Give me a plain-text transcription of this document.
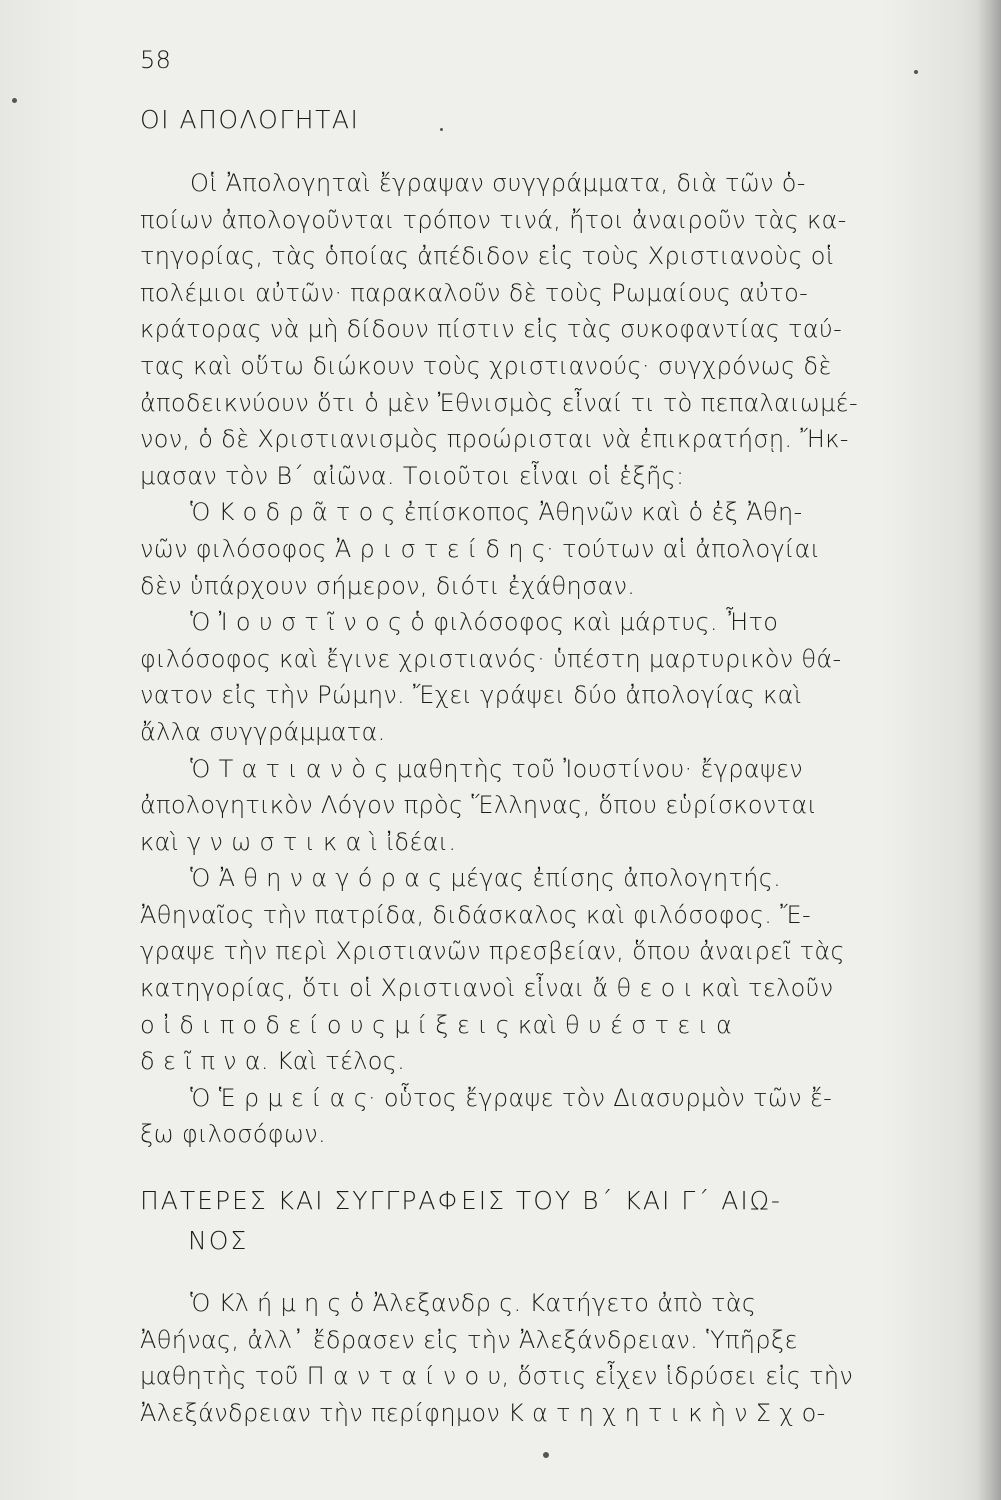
58
ΟΙ ΑΠΟΛΟΓΗΤΑΙ
Οἱ Ἀπολογηταὶ ἔγραψαν συγγράμματα, διὰ τῶν ὁ-
ποίων ἀπολογοῦνται τρόπον τινά, ἤτοι ἀναιροῦν τὰς κα-
τηγορίας, τὰς ὁποίας ἀπέδιδον εἰς τοὺς Χριστιανοὺς οἱ
πολέμιοι αὐτῶν· παρακαλοῦν δὲ τοὺς Ρωμαίους αὐτο-
κράτορας νὰ μὴ δίδουν πίστιν εἰς τὰς συκοφαντίας ταύ-
τας καὶ οὕτω διώκουν τοὺς χριστιανούς· συγχρόνως δὲ
ἀποδεικνύουν ὅτι ὁ μὲν Ἐθνισμὸς εἶναί τι τὸ πεπαλαιωμέ-
νον, ὁ δὲ Χριστιανισμὸς προώρισται νὰ ἐπικρατήσῃ. Ἤκ-
μασαν τὸν Β΄ αἰῶνα. Τοιοῦτοι εἶναι οἱ ἑξῆς:
Ὁ Κ ο δ ρ ᾶ τ ο ς ἐπίσκοπος Ἀθηνῶν καὶ ὁ ἐξ Ἀθη-
νῶν φιλόσοφος Ἀ ρ ι σ τ ε ί δ η ς· τούτων αἱ ἀπολογίαι
δὲν ὑπάρχουν σήμερον, διότι ἐχάθησαν.
Ὁ Ἰ ο υ σ τ ῖ ν ο ς ὁ φιλόσοφος καὶ μάρτυς. Ἦτο
φιλόσοφος καὶ ἔγινε χριστιανός· ὑπέστη μαρτυρικὸν θά-
νατον εἰς τὴν Ρώμην. Ἔχει γράψει δύο ἀπολογίας καὶ
ἄλλα συγγράμματα.
Ὁ Τ α τ ι α ν ὸ ς μαθητὴς τοῦ Ἰουστίνου· ἔγραψεν
ἀπολογητικὸν Λόγον πρὸς Ἕλληνας, ὅπου εὑρίσκονται
καὶ γ ν ω σ τ ι κ α ὶ ἰδέαι.
Ὁ Ἀ θ η ν α γ ό ρ α ς μέγας ἐπίσης ἀπολογητής.
Ἀθηναῖος τὴν πατρίδα, διδάσκαλος καὶ φιλόσοφος. Ἔ-
γραψε τὴν περὶ Χριστιανῶν πρεσβείαν, ὅπου ἀναιρεῖ τὰς
κατηγορίας, ὅτι οἱ Χριστιανοὶ εἶναι ἄ θ ε ο ι καὶ τελοῦν
ο ἰ δ ι π ο δ ε ί ο υ ς μ ί ξ ε ι ς καὶ θ υ έ σ τ ε ι α
δ ε ῖ π ν α. Καὶ τέλος.
Ὁ Ἑ ρ μ ε ί α ς· οὗτος ἔγραψε τὸν Διασυρμὸν τῶν ἔ-
ξω φιλοσόφων.
ΠΑΤΕΡΕΣ ΚΑΙ ΣΥΓΓΡΑΦΕΙΣ ΤΟΥ Β΄ ΚΑΙ Γ΄ ΑΙΩ-
ΝΟΣ
Ὁ Κλ ή μ η ς ὁ Ἀλεξανδρ ς. Κατήγετο ἀπὸ τὰς
Ἀθήνας, ἀλλ᾿ ἔδρασεν εἰς τὴν Ἀλεξάνδρειαν. Ὑπῆρξε
μαθητὴς τοῦ Π α ν τ α ί ν ο υ, ὅστις εἶχεν ἱδρύσει εἰς τὴν
Ἀλεξάνδρειαν τὴν περίφημον Κ α τ η χ η τ ι κ ὴ ν Σ χ ο-
